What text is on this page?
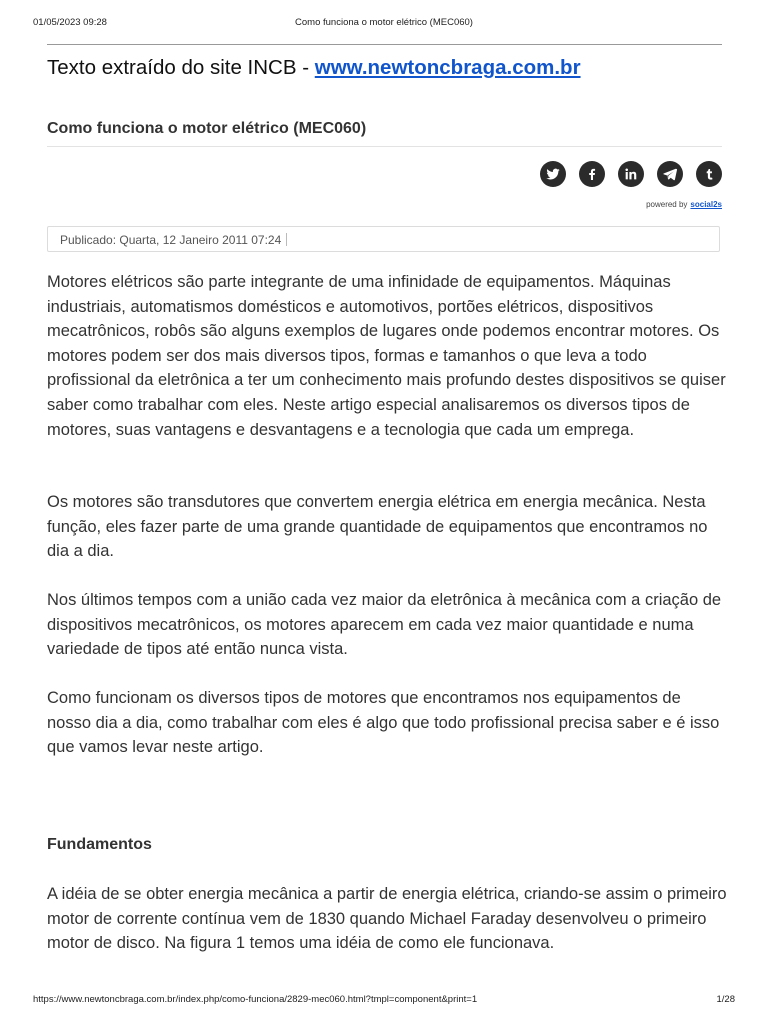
01/05/2023 09:28	Como funciona o motor elétrico (MEC060)
Texto extraído do site INCB - www.newtoncbraga.com.br
Como funciona o motor elétrico (MEC060)
powered by social2s
Publicado: Quarta, 12 Janeiro 2011 07:24
Motores elétricos são parte integrante de uma infinidade de equipamentos. Máquinas industriais, automatismos domésticos e automotivos, portões elétricos, dispositivos mecatrônicos, robôs são alguns exemplos de lugares onde podemos encontrar motores. Os motores podem ser dos mais diversos tipos, formas e tamanhos o que leva a todo profissional da eletrônica a ter um conhecimento mais profundo destes dispositivos se quiser saber como trabalhar com eles. Neste artigo especial analisaremos os diversos tipos de motores, suas vantagens e desvantagens e a tecnologia que cada um emprega.
Os motores são transdutores que convertem energia elétrica em energia mecânica. Nesta função, eles fazer parte de uma grande quantidade de equipamentos que encontramos no dia a dia.
Nos últimos tempos com a união cada vez maior da eletrônica à mecânica com a criação de dispositivos mecatrônicos, os motores aparecem em cada vez maior quantidade e numa variedade de tipos até então nunca vista.
Como funcionam os diversos tipos de motores que encontramos nos equipamentos de nosso dia a dia, como trabalhar com eles é algo que todo profissional precisa saber e é isso que vamos levar neste artigo.
Fundamentos
A idéia de se obter energia mecânica a partir de energia elétrica, criando-se assim o primeiro motor de corrente contínua vem de 1830 quando Michael Faraday desenvolveu o primeiro motor de disco. Na figura 1 temos uma idéia de como ele funcionava.
https://www.newtoncbraga.com.br/index.php/como-funciona/2829-mec060.html?tmpl=component&print=1	1/28
